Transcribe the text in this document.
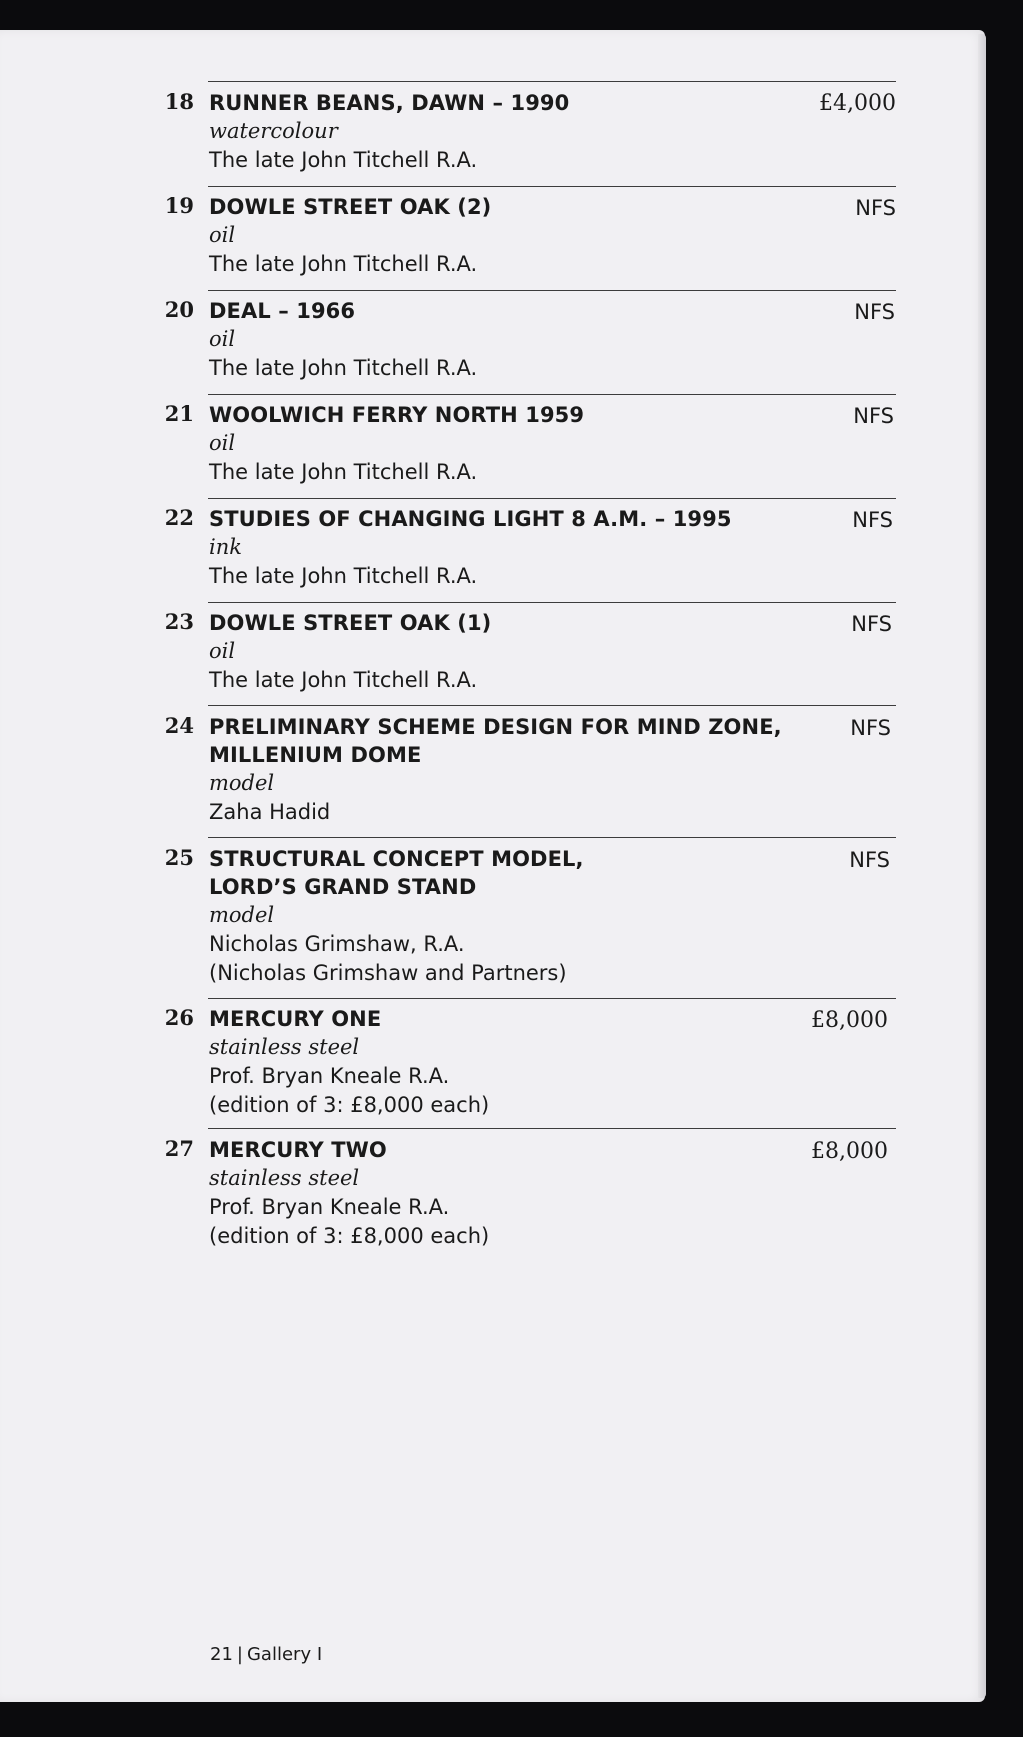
18 RUNNER BEANS, DAWN – 1990
watercolour
The late John Titchell R.A.
£4,000
19 DOWLE STREET OAK (2)
oil
The late John Titchell R.A.
NFS
20 DEAL – 1966
oil
The late John Titchell R.A.
NFS
21 WOOLWICH FERRY NORTH 1959
oil
The late John Titchell R.A.
NFS
22 STUDIES OF CHANGING LIGHT 8 A.M. – 1995
ink
The late John Titchell R.A.
NFS
23 DOWLE STREET OAK (1)
oil
The late John Titchell R.A.
NFS
24 PRELIMINARY SCHEME DESIGN FOR MIND ZONE,
MILLENIUM DOME
model
Zaha Hadid
NFS
25 STRUCTURAL CONCEPT MODEL,
LORD’S GRAND STAND
model
Nicholas Grimshaw, R.A.
(Nicholas Grimshaw and Partners)
NFS
26 MERCURY ONE
stainless steel
Prof. Bryan Kneale R.A.
(edition of 3: £8,000 each)
£8,000
27 MERCURY TWO
stainless steel
Prof. Bryan Kneale R.A.
(edition of 3: £8,000 each)
£8,000
21 | Gallery I
